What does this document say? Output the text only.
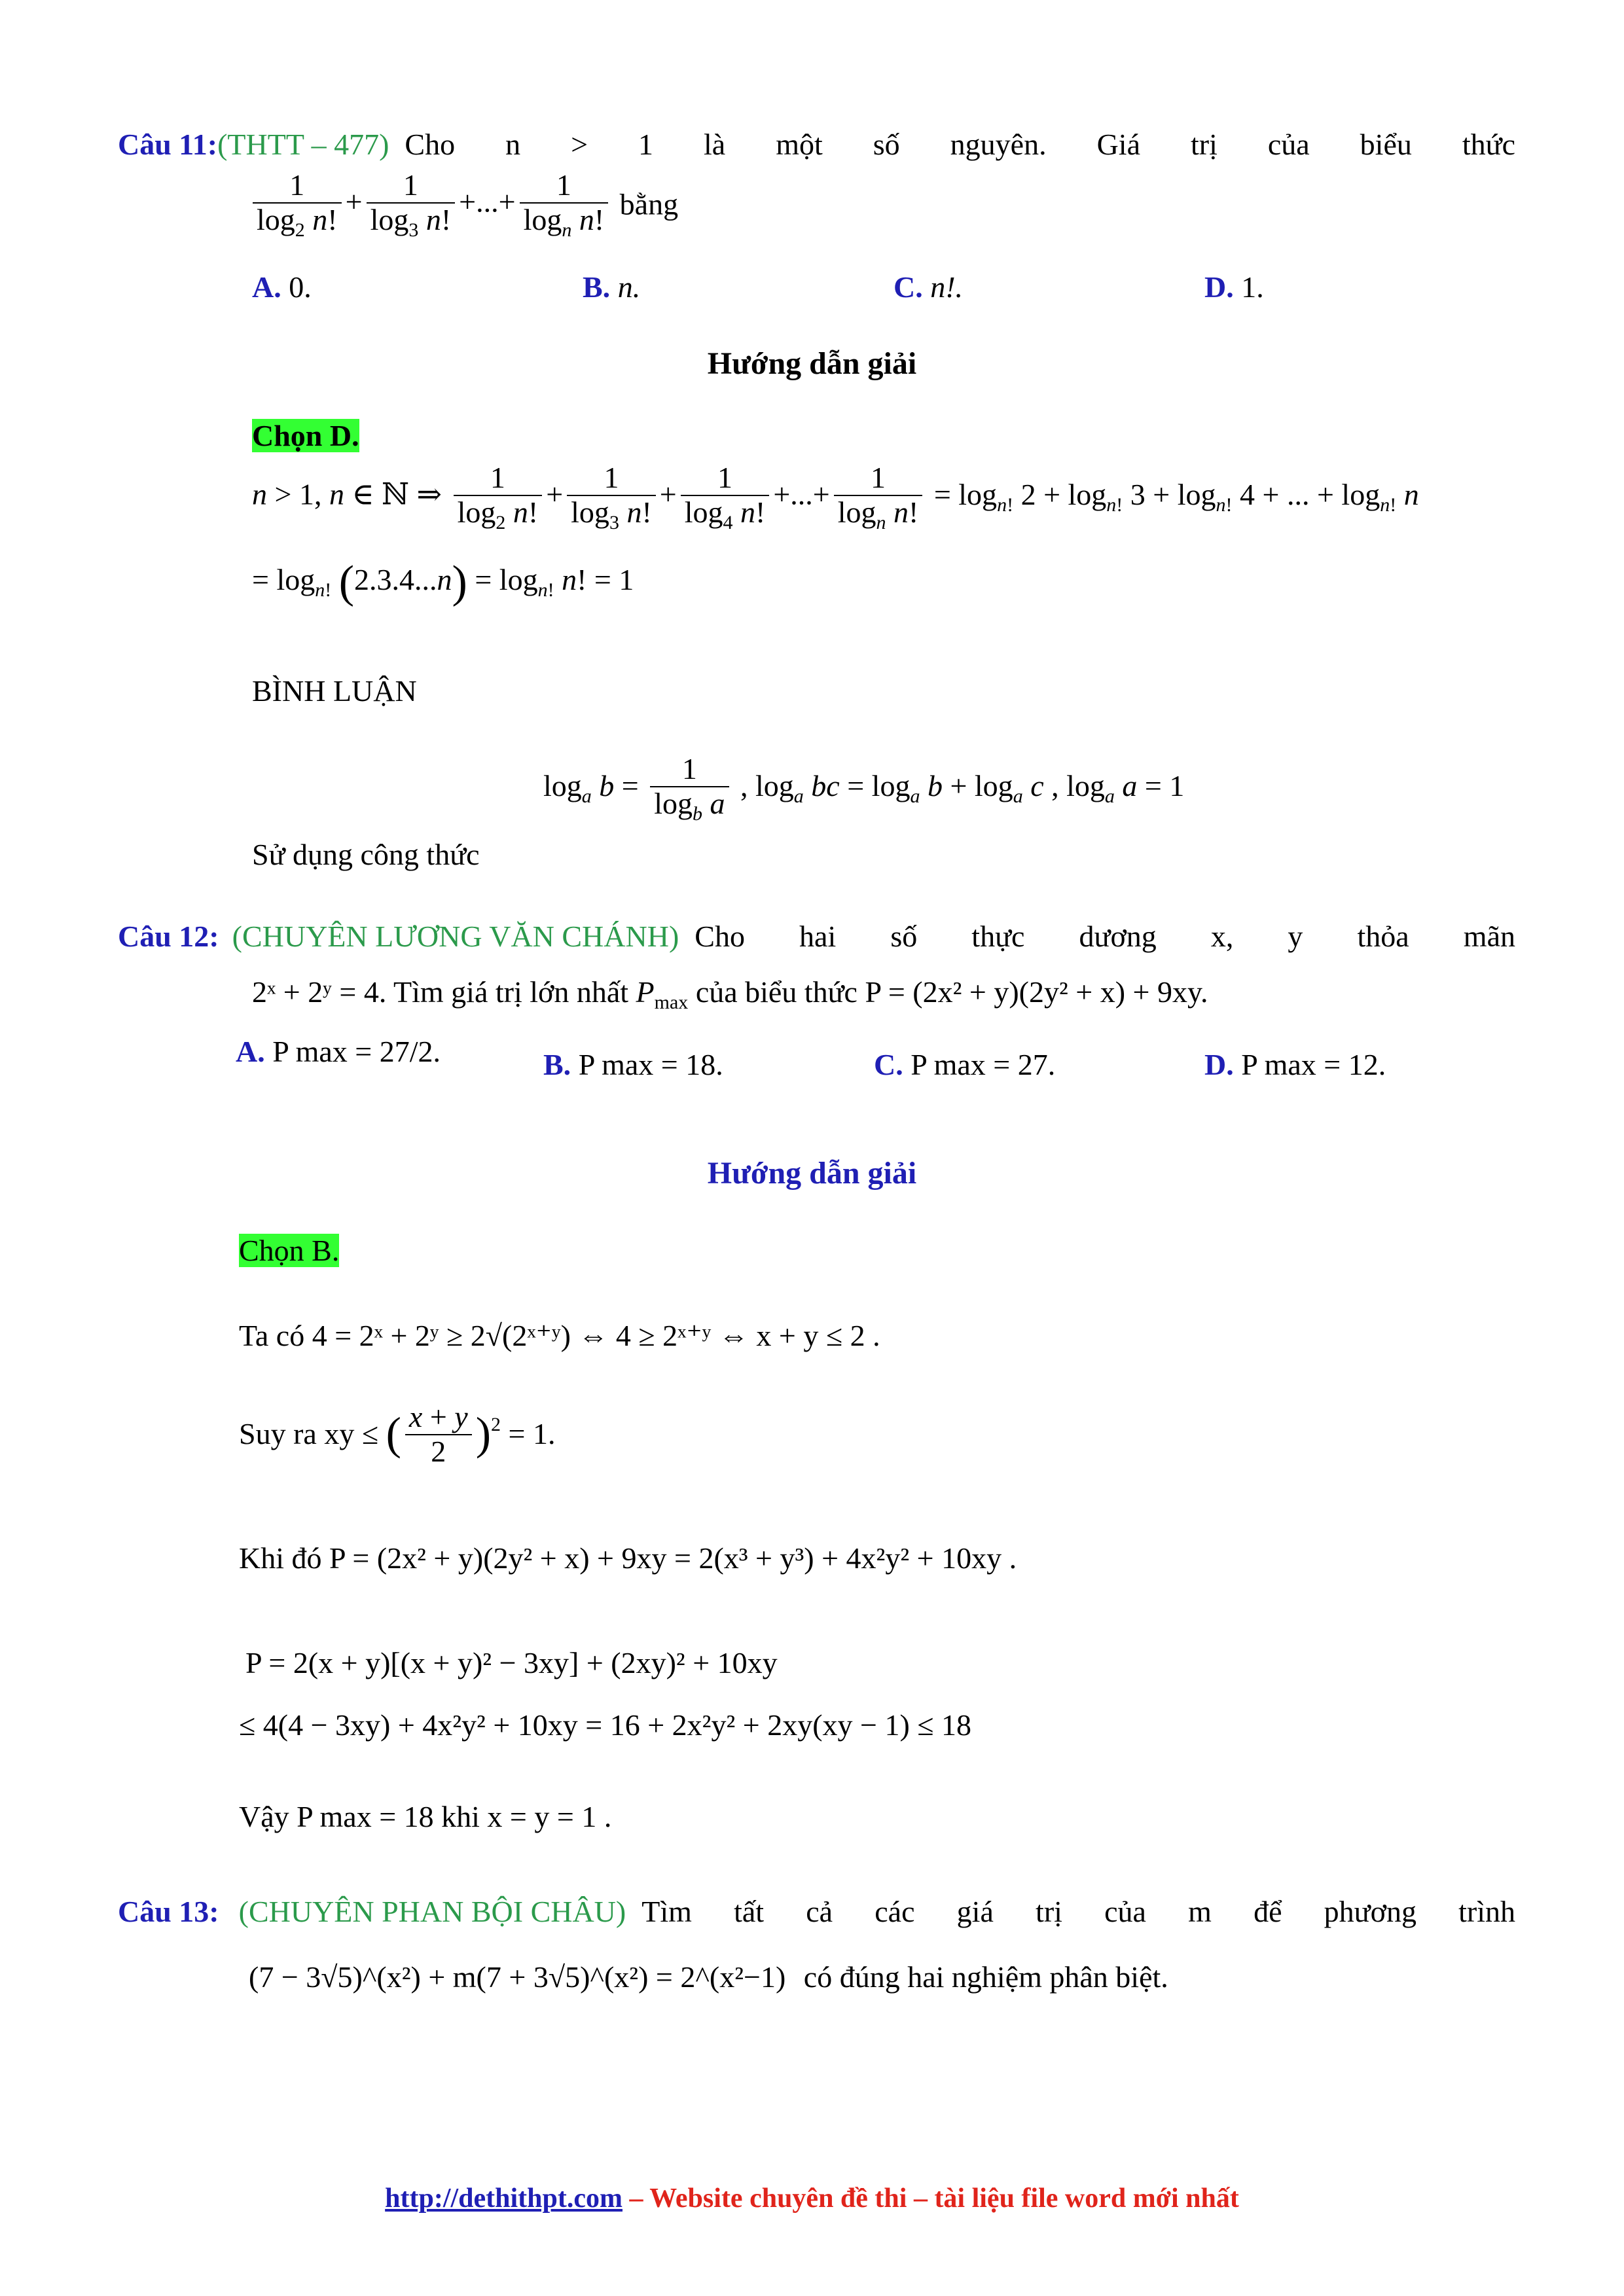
Câu 11: (THTT – 477) Cho n > 1 là một số nguyên. Giá trị của biểu thức
$\frac{1}{\log_2 n!} + \frac{1}{\log_3 n!}$ +...+ $\frac{1}{\log_n n!}$ bằng
A. 0.	B. n.	C. n!.	D. 1.
Hướng dẫn giải
Chọn D.
n > 1, n ∈ ℕ ⇒ $\frac{1}{\log_2 n!} + \frac{1}{\log_3 n!} + \frac{1}{\log_4 n!}$ +...+ $\frac{1}{\log_n n!} = \log_{n!} 2 + \log_{n!} 3 + \log_{n!} 4$ + ... + $\log_{n!} n$
= $\log_{n!} (2.3.4...n) = \log_{n!} n$! = 1
BÌNH LUẬN
$\log_a b = \frac{1}{\log_b a}$ , $\log_a$ bc = $\log_a b + \log_a c$ , $\log_a a = 1$
Sử dụng công thức
Câu 12: (CHUYÊN LƯƠNG VĂN CHÁNH) Cho hai số thực dương x, y thỏa mãn
2ˣ + 2ʸ = 4. Tìm giá trị lớn nhất $P_{max}$ của biểu thức P = (2x² + y)(2y² + x) + 9xy.
A. P max = 27/2.	B. P max = 18.	C. P max = 27.	D. P max = 12.
Hướng dẫn giải
Chọn B.
Ta có 4 = 2ˣ + 2ʸ ≥ 2√(2ˣ⁺ʸ) ⇔ 4 ≥ 2ˣ⁺ʸ ⇔ x + y ≤ 2 .
Suy ra xy ≤ ( $\frac{x + y}{2} )^2 = 1$.
Khi đó P = (2x² + y)(2y² + x) + 9xy = 2(x³ + y³) + 4x²y² + 10xy .
P = 2(x + y)[(x + y)² − 3xy] + (2xy)² + 10xy
≤ 4(4 − 3xy) + 4x²y² + 10xy = 16 + 2x²y² + 2xy(xy − 1) ≤ 18
Vậy P max = 18 khi x = y = 1 .
Câu 13: (CHUYÊN PHAN BỘI CHÂU) Tìm tất cả các giá trị của m để phương trình
(7 − 3√5)^(x²) + m(7 + 3√5)^(x²) = 2^(x²−1) có đúng hai nghiệm phân biệt.
http://dethithpt.com – Website chuyên đề thi – tài liệu file word mới nhất
